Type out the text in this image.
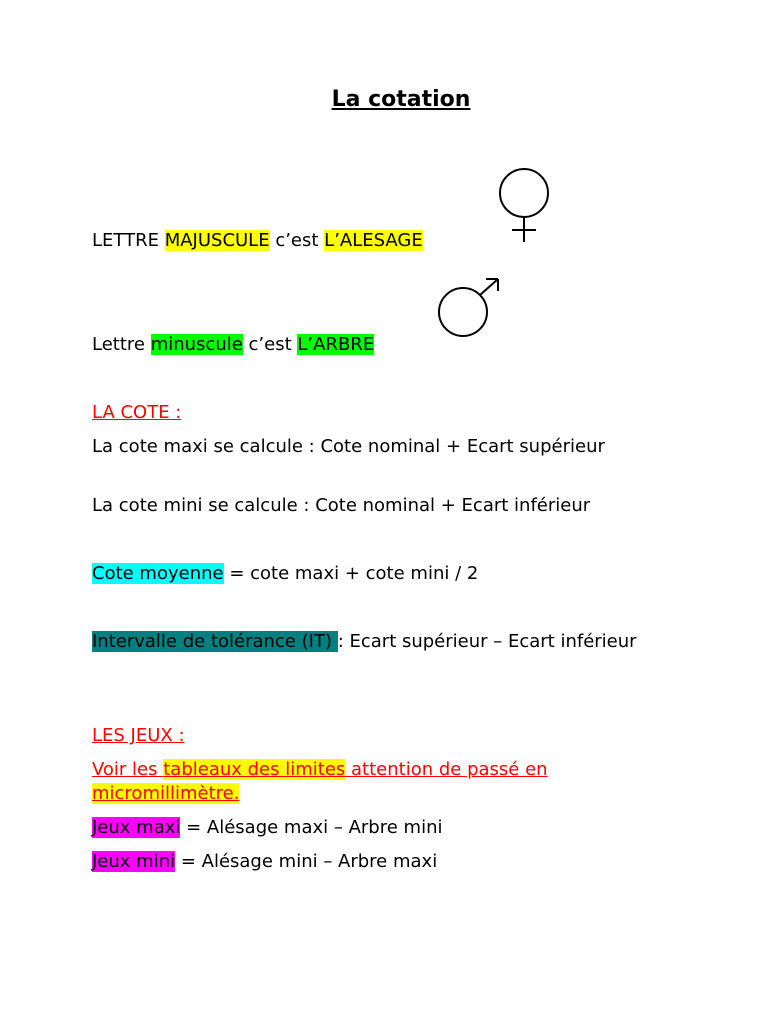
La cotation
LETTRE MAJUSCULE c’est L’ALESAGE
Lettre minuscule c’est L’ARBRE
LA COTE :
La cote maxi se calcule : Cote nominal + Ecart supérieur
La cote mini se calcule : Cote nominal + Ecart inférieur
Cote moyenne = cote maxi + cote mini / 2
Intervalle de tolérance (IT) : Ecart supérieur – Ecart inférieur
LES JEUX :
Voir les tableaux des limites attention de passé en micromillimètre.
Jeux maxi = Alésage maxi – Arbre mini
Jeux mini = Alésage mini – Arbre maxi
